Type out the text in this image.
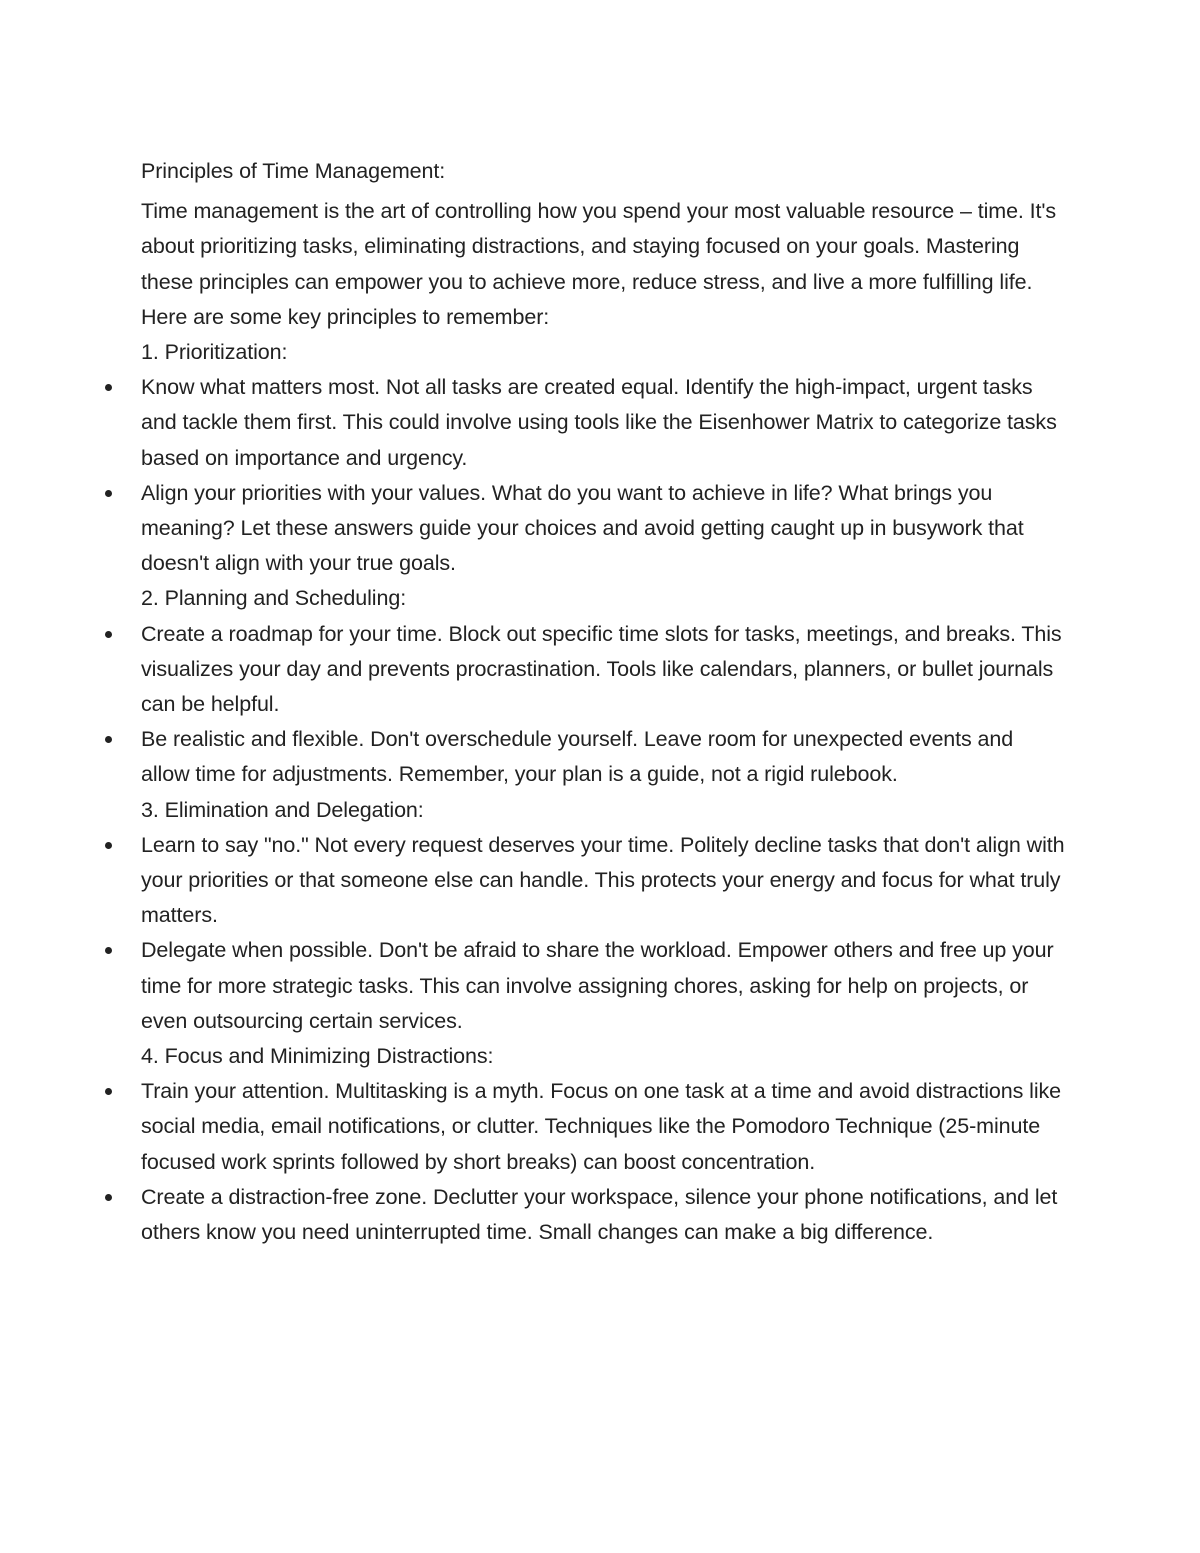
Principles of Time Management:

Time management is the art of controlling how you spend your most valuable resource – time. It's about prioritizing tasks, eliminating distractions, and staying focused on your goals. Mastering these principles can empower you to achieve more, reduce stress, and live a more fulfilling life.

Here are some key principles to remember:

1. Prioritization:

Know what matters most. Not all tasks are created equal. Identify the high-impact, urgent tasks and tackle them first. This could involve using tools like the Eisenhower Matrix to categorize tasks based on importance and urgency.
Align your priorities with your values. What do you want to achieve in life? What brings you meaning? Let these answers guide your choices and avoid getting caught up in busywork that doesn't align with your true goals.

2. Planning and Scheduling:

Create a roadmap for your time. Block out specific time slots for tasks, meetings, and breaks. This visualizes your day and prevents procrastination. Tools like calendars, planners, or bullet journals can be helpful.
Be realistic and flexible. Don't overschedule yourself. Leave room for unexpected events and allow time for adjustments. Remember, your plan is a guide, not a rigid rulebook.

3. Elimination and Delegation:

Learn to say "no." Not every request deserves your time. Politely decline tasks that don't align with your priorities or that someone else can handle. This protects your energy and focus for what truly matters.
Delegate when possible. Don't be afraid to share the workload. Empower others and free up your time for more strategic tasks. This can involve assigning chores, asking for help on projects, or even outsourcing certain services.

4. Focus and Minimizing Distractions:

Train your attention. Multitasking is a myth. Focus on one task at a time and avoid distractions like social media, email notifications, or clutter. Techniques like the Pomodoro Technique (25-minute focused work sprints followed by short breaks) can boost concentration.
Create a distraction-free zone. Declutter your workspace, silence your phone notifications, and let others know you need uninterrupted time. Small changes can make a big difference.
